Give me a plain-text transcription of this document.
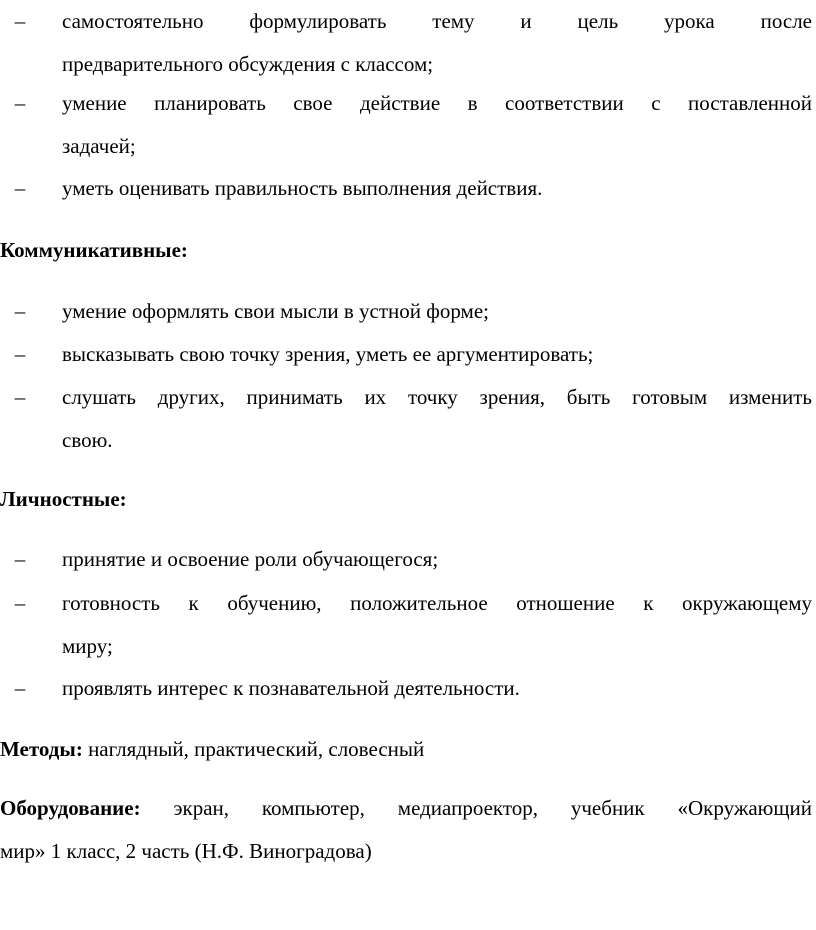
–	самостоятельно формулировать тему и цель урока после
предварительного обсуждения с классом;
–	умение планировать свое действие в соответствии с поставленной
задачей;
–	уметь оценивать правильность выполнения действия.
Коммуникативные:
–	умение оформлять свои мысли в устной форме;
–	высказывать свою точку зрения, уметь ее аргументировать;
–	слушать других, принимать их точку зрения, быть готовым изменить
свою.
Личностные:
–	принятие и освоение роли обучающегося;
–	готовность к обучению, положительное отношение к окружающему
миру;
–	проявлять интерес к познавательной деятельности.
Методы: наглядный, практический, словесный
Оборудование: экран, компьютер, медиапроектор, учебник «Окружающий
мир» 1 класс, 2 часть (Н.Ф. Виноградова)
